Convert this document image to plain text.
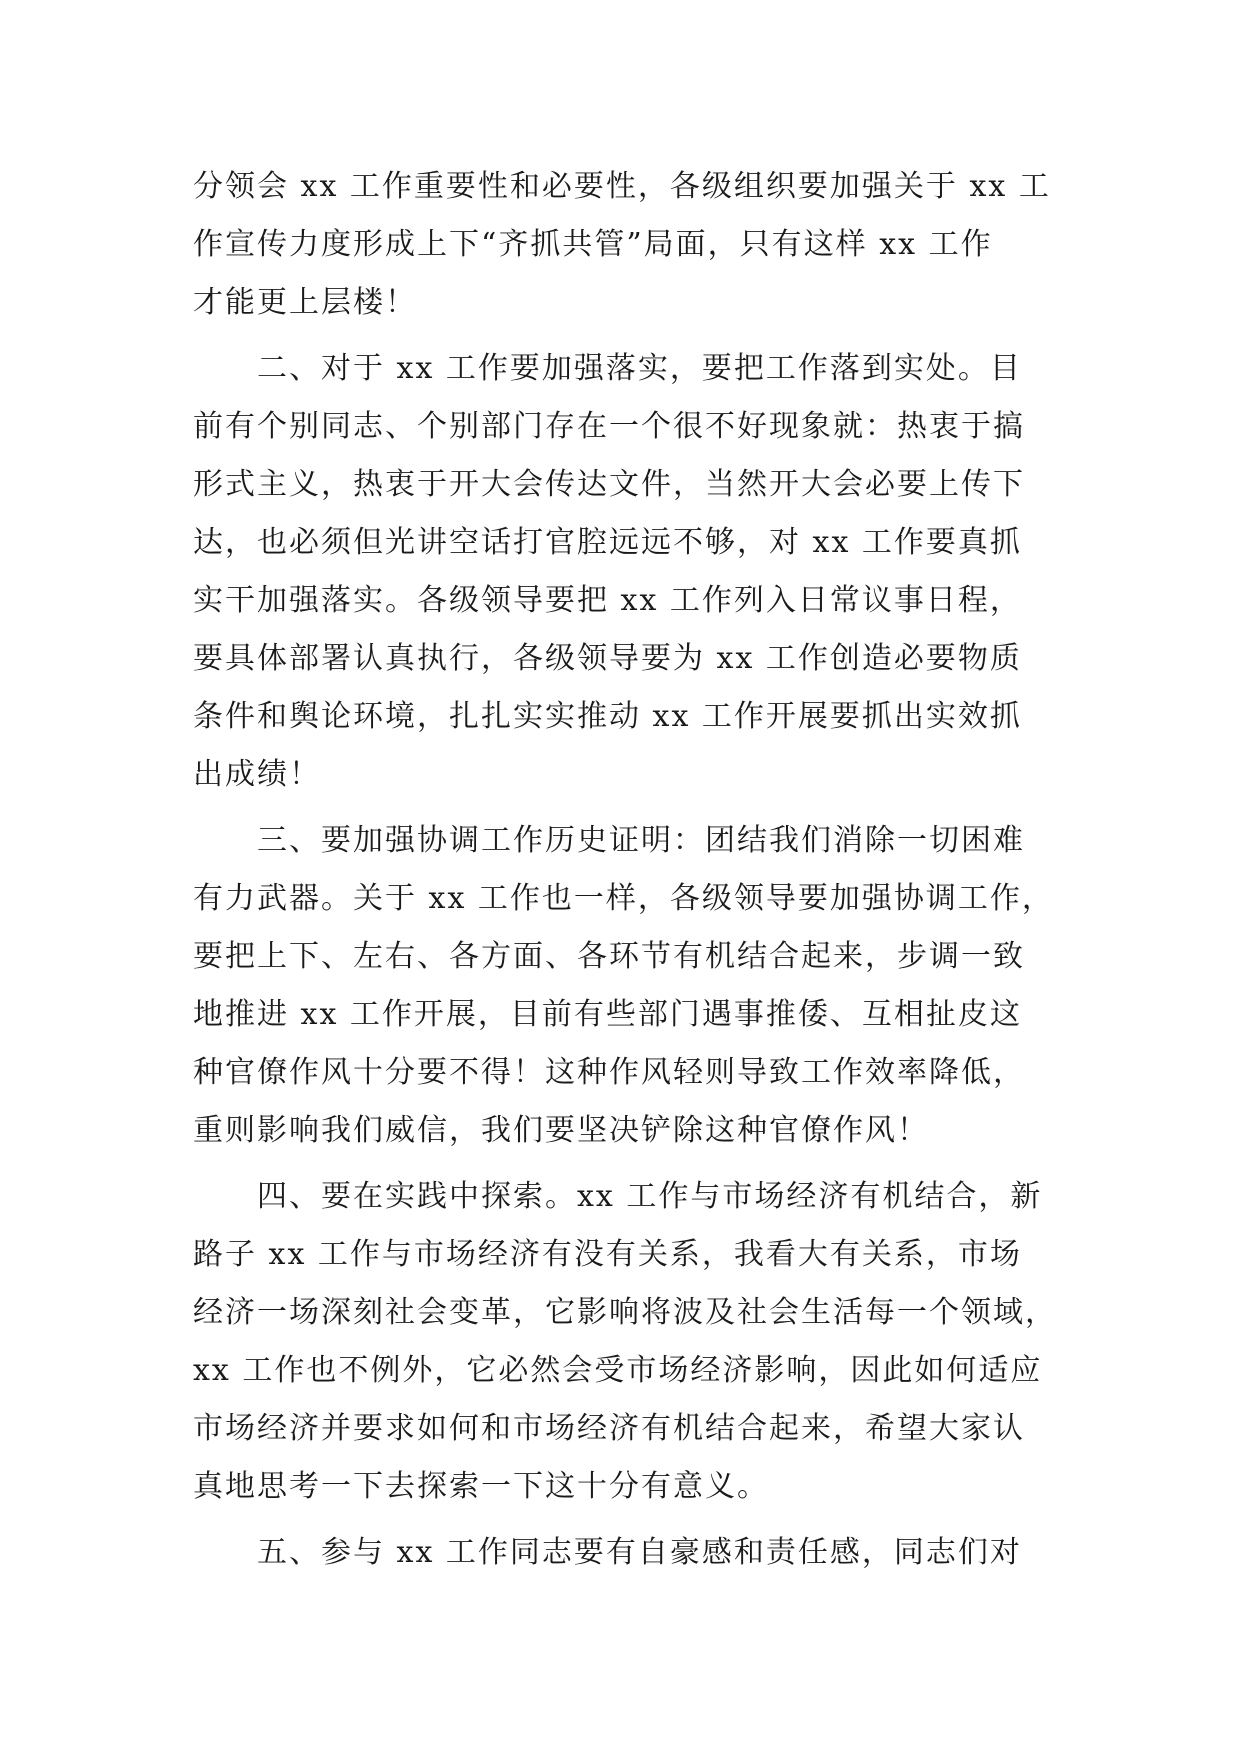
分领会 xx 工作重要性和必要性，各级组织要加强关于 xx 工
作宣传力度形成上下“齐抓共管”局面，只有这样 xx 工作
才能更上层楼！
二、对于 xx 工作要加强落实，要把工作落到实处。目
前有个别同志、个别部门存在一个很不好现象就：热衷于搞
形式主义，热衷于开大会传达文件，当然开大会必要上传下
达，也必须但光讲空话打官腔远远不够，对 xx 工作要真抓
实干加强落实。各级领导要把 xx 工作列入日常议事日程，
要具体部署认真执行，各级领导要为 xx 工作创造必要物质
条件和舆论环境，扎扎实实推动 xx 工作开展要抓出实效抓
出成绩！
三、要加强协调工作历史证明：团结我们消除一切困难
有力武器。关于 xx 工作也一样，各级领导要加强协调工作，
要把上下、左右、各方面、各环节有机结合起来，步调一致
地推进 xx 工作开展，目前有些部门遇事推倭、互相扯皮这
种官僚作风十分要不得！这种作风轻则导致工作效率降低，
重则影响我们威信，我们要坚决铲除这种官僚作风！
四、要在实践中探索。xx 工作与市场经济有机结合，新
路子 xx 工作与市场经济有没有关系，我看大有关系，市场
经济一场深刻社会变革，它影响将波及社会生活每一个领域，
xx 工作也不例外，它必然会受市场经济影响，因此如何适应
市场经济并要求如何和市场经济有机结合起来，希望大家认
真地思考一下去探索一下这十分有意义。
五、参与 xx 工作同志要有自豪感和责任感，同志们对
